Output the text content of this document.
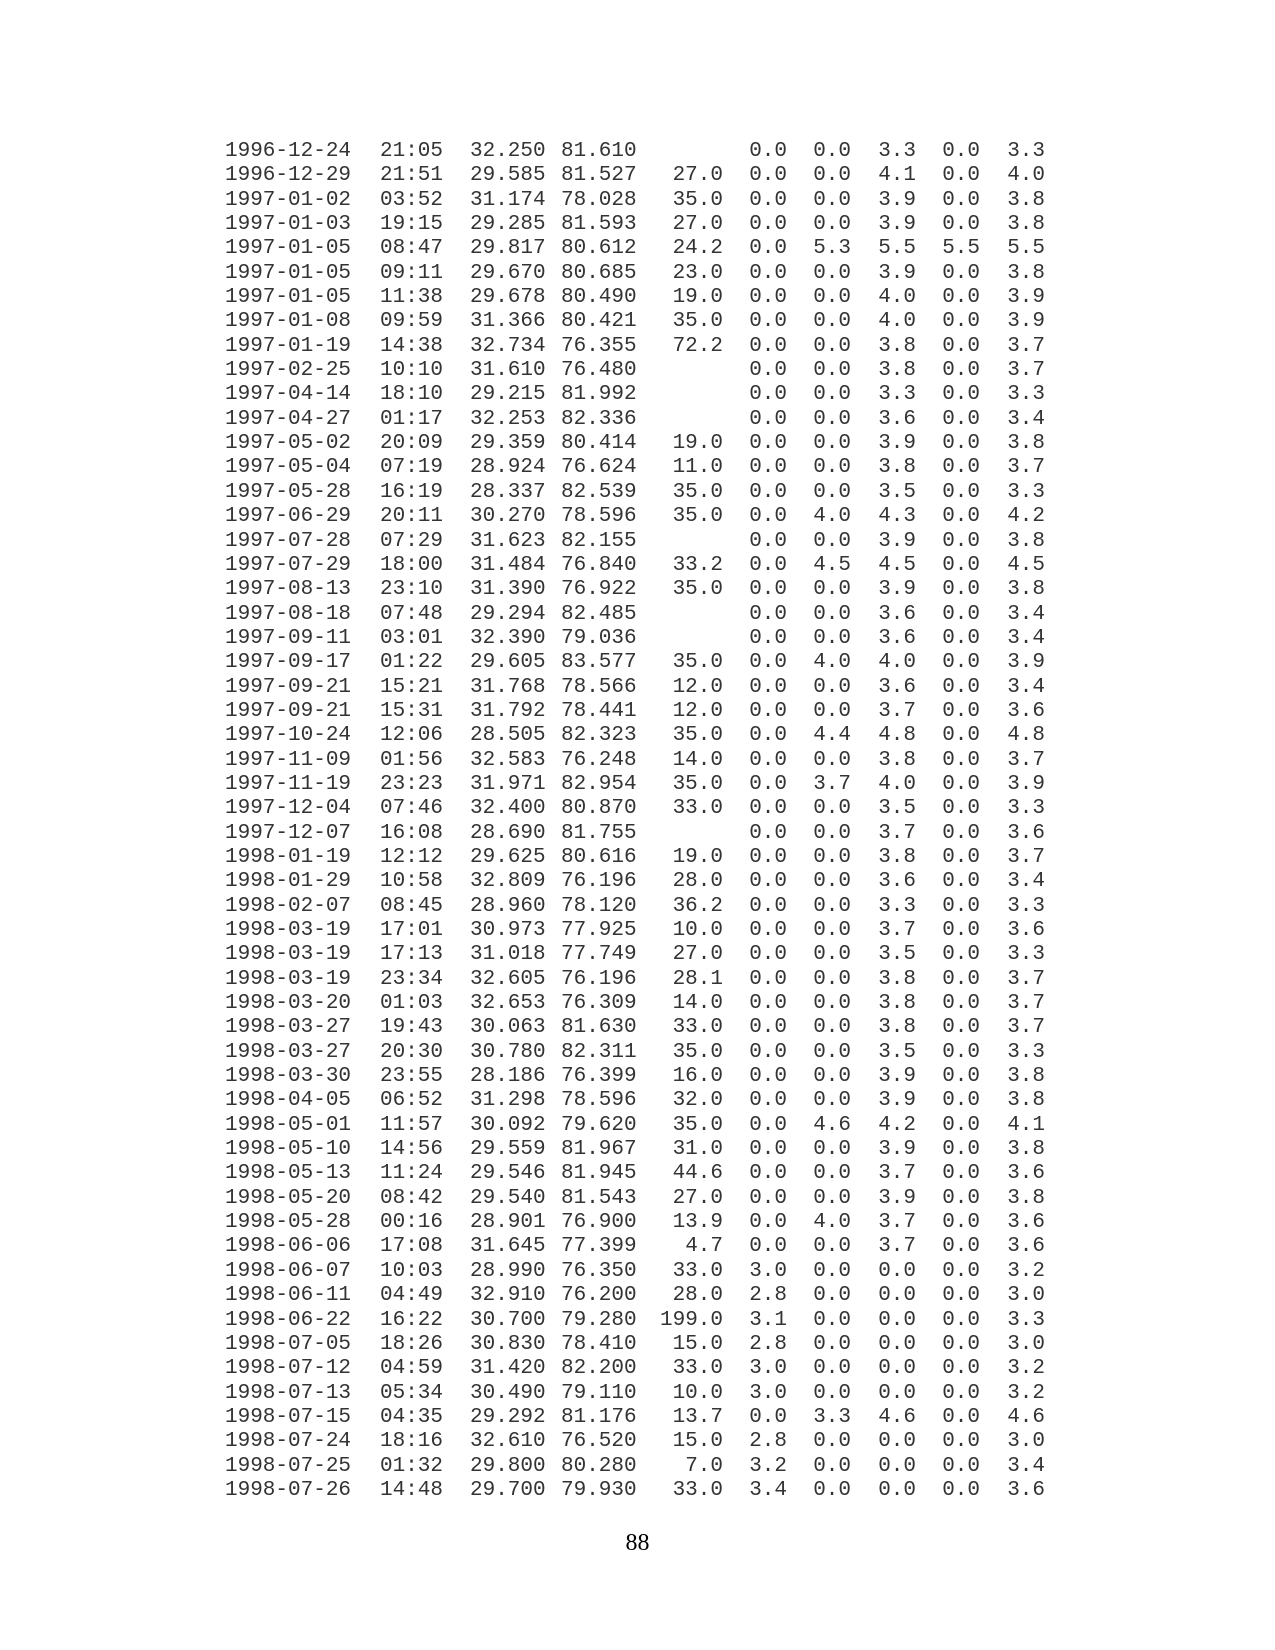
1996-12-24 21:05 32.250 81.610	0.0 0.0 3.3 0.0 3.3
1996-12-29 21:51 29.585 81.527 27.0 0.0 0.0 4.1 0.0 4.0
1997-01-02 03:52 31.174 78.028 35.0 0.0 0.0 3.9 0.0 3.8
1997-01-03 19:15 29.285 81.593 27.0 0.0 0.0 3.9 0.0 3.8
1997-01-05 08:47 29.817 80.612 24.2 0.0 5.3 5.5 5.5 5.5
1997-01-05 09:11 29.670 80.685 23.0 0.0 0.0 3.9 0.0 3.8
1997-01-05 11:38 29.678 80.490 19.0 0.0 0.0 4.0 0.0 3.9
1997-01-08 09:59 31.366 80.421 35.0 0.0 0.0 4.0 0.0 3.9
1997-01-19 14:38 32.734 76.355 72.2 0.0 0.0 3.8 0.0 3.7
1997-02-25 10:10 31.610 76.480	0.0 0.0 3.8 0.0 3.7
1997-04-14 18:10 29.215 81.992	0.0 0.0 3.3 0.0 3.3
1997-04-27 01:17 32.253 82.336	0.0 0.0 3.6 0.0 3.4
1997-05-02 20:09 29.359 80.414 19.0 0.0 0.0 3.9 0.0 3.8
1997-05-04 07:19 28.924 76.624 11.0 0.0 0.0 3.8 0.0 3.7
1997-05-28 16:19 28.337 82.539 35.0 0.0 0.0 3.5 0.0 3.3
1997-06-29 20:11 30.270 78.596 35.0 0.0 4.0 4.3 0.0 4.2
1997-07-28 07:29 31.623 82.155	0.0 0.0 3.9 0.0 3.8
1997-07-29 18:00 31.484 76.840 33.2 0.0 4.5 4.5 0.0 4.5
1997-08-13 23:10 31.390 76.922 35.0 0.0 0.0 3.9 0.0 3.8
1997-08-18 07:48 29.294 82.485	0.0 0.0 3.6 0.0 3.4
1997-09-11 03:01 32.390 79.036	0.0 0.0 3.6 0.0 3.4
1997-09-17 01:22 29.605 83.577 35.0 0.0 4.0 4.0 0.0 3.9
1997-09-21 15:21 31.768 78.566 12.0 0.0 0.0 3.6 0.0 3.4
1997-09-21 15:31 31.792 78.441 12.0 0.0 0.0 3.7 0.0 3.6
1997-10-24 12:06 28.505 82.323 35.0 0.0 4.4 4.8 0.0 4.8
1997-11-09 01:56 32.583 76.248 14.0 0.0 0.0 3.8 0.0 3.7
1997-11-19 23:23 31.971 82.954 35.0 0.0 3.7 4.0 0.0 3.9
1997-12-04 07:46 32.400 80.870 33.0 0.0 0.0 3.5 0.0 3.3
1997-12-07 16:08 28.690 81.755	0.0 0.0 3.7 0.0 3.6
1998-01-19 12:12 29.625 80.616 19.0 0.0 0.0 3.8 0.0 3.7
1998-01-29 10:58 32.809 76.196 28.0 0.0 0.0 3.6 0.0 3.4
1998-02-07 08:45 28.960 78.120 36.2 0.0 0.0 3.3 0.0 3.3
1998-03-19 17:01 30.973 77.925 10.0 0.0 0.0 3.7 0.0 3.6
1998-03-19 17:13 31.018 77.749 27.0 0.0 0.0 3.5 0.0 3.3
1998-03-19 23:34 32.605 76.196 28.1 0.0 0.0 3.8 0.0 3.7
1998-03-20 01:03 32.653 76.309 14.0 0.0 0.0 3.8 0.0 3.7
1998-03-27 19:43 30.063 81.630 33.0 0.0 0.0 3.8 0.0 3.7
1998-03-27 20:30 30.780 82.311 35.0 0.0 0.0 3.5 0.0 3.3
1998-03-30 23:55 28.186 76.399 16.0 0.0 0.0 3.9 0.0 3.8
1998-04-05 06:52 31.298 78.596 32.0 0.0 0.0 3.9 0.0 3.8
1998-05-01 11:57 30.092 79.620 35.0 0.0 4.6 4.2 0.0 4.1
1998-05-10 14:56 29.559 81.967 31.0 0.0 0.0 3.9 0.0 3.8
1998-05-13 11:24 29.546 81.945 44.6 0.0 0.0 3.7 0.0 3.6
1998-05-20 08:42 29.540 81.543 27.0 0.0 0.0 3.9 0.0 3.8
1998-05-28 00:16 28.901 76.900 13.9 0.0 4.0 3.7 0.0 3.6
1998-06-06 17:08 31.645 77.399 4.7 0.0 0.0 3.7 0.0 3.6
1998-06-07 10:03 28.990 76.350 33.0 3.0 0.0 0.0 0.0 3.2
1998-06-11 04:49 32.910 76.200 28.0 2.8 0.0 0.0 0.0 3.0
1998-06-22 16:22 30.700 79.280 199.0 3.1 0.0 0.0 0.0 3.3
1998-07-05 18:26 30.830 78.410 15.0 2.8 0.0 0.0 0.0 3.0
1998-07-12 04:59 31.420 82.200 33.0 3.0 0.0 0.0 0.0 3.2
1998-07-13 05:34 30.490 79.110 10.0 3.0 0.0 0.0 0.0 3.2
1998-07-15 04:35 29.292 81.176 13.7 0.0 3.3 4.6 0.0 4.6
1998-07-24 18:16 32.610 76.520 15.0 2.8 0.0 0.0 0.0 3.0
1998-07-25 01:32 29.800 80.280 7.0 3.2 0.0 0.0 0.0 3.4
1998-07-26 14:48 29.700 79.930 33.0 3.4 0.0 0.0 0.0 3.6
88
